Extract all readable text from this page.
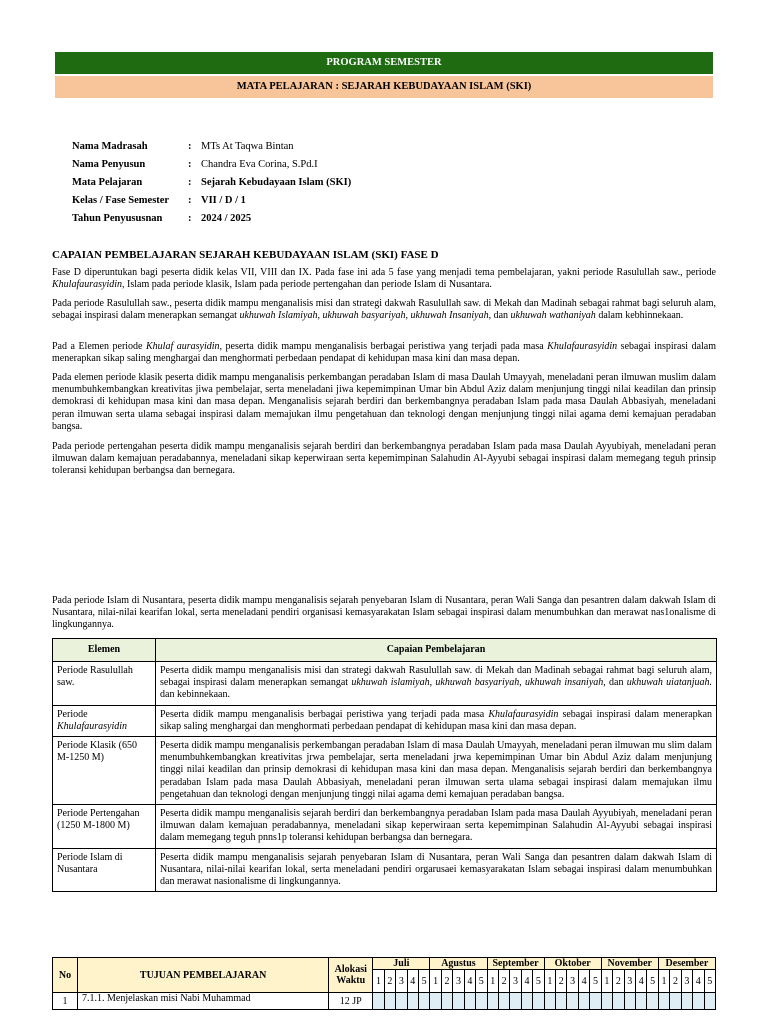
PROGRAM SEMESTER
MATA PELAJARAN : SEJARAH KEBUDAYAAN ISLAM (SKI)
Nama Madrasah	:	MTs At Taqwa Bintan
Nama Penyusun	:	Chandra Eva Corina, S.Pd.I
Mata Pelajaran	:	Sejarah Kebudayaan Islam (SKI)
Kelas / Fase Semester	:	VII / D / 1
Tahun Penyususnan	:	2024 / 2025
CAPAIAN PEMBELAJARAN SEJARAH KEBUDAYAAN ISLAM (SKI) FASE D

Fase D diperuntukan bagi peserta didik kelas VII, VIII dan IX. Pada fase ini ada 5 fase yang menjadi tema pembelajaran, yakni periode Rasulullah saw., periode Khulafaurasyidin, Islam pada periode klasik, Islam pada periode pertengahan dan periode Islam di Nusantara.

Pada periode Rasulullah saw., peserta didik mampu menganalisis misi dan strategi dakwah Rasulullah saw. di Mekah dan Madinah sebagai rahmat bagi seluruh alam, sebagai inspirasi dalam menerapkan semangat ukhuwah Islamiyah, ukhuwah basyariyah, ukhuwah Insaniyah, dan ukhuwah wathaniyah dalam kebhinnekaan.

Pad a Elemen periode Khulaf aurasyidin, peserta didik mampu menganalisis berbagai peristiwa yang terjadi pada masa Khulafaurasyidin sebagai inspirasi dalam menerapkan sikap saling menghargai dan menghormati perbedaan pendapat di kehidupan masa kini dan masa depan.

Pada elemen periode klasik peserta didik mampu menganalisis perkembangan peradaban Islam di masa Daulah Umayyah, meneladani peran ilmuwan muslim dalam menumbuhkembangkan kreativitas jiwa pembelajar, serta meneladani jiwa kepemimpinan Umar bin Abdul Aziz dalam menjunjung tinggi nilai keadilan dan prinsip demokrasi di kehidupan masa kini dan masa depan. Menganalisis sejarah berdiri dan berkembangnya peradaban Islam pada masa Daulah Abbasiyah, meneladani peran ilmuwan serta ulama sebagai inspirasi dalam memajukan ilmu pengetahuan dan teknologi dengan menjunjung tinggi nilai agama demi kemajuan peradaban bangsa.

Pada periode pertengahan peserta didik mampu menganalisis sejarah berdiri dan berkembangnya peradaban Islam pada masa Daulah Ayyubiyah, meneladani peran ilmuwan dalam kemajuan peradabannya, meneladani sikap keperwiraan serta kepemimpinan Salahudin Al-Ayyubi sebagai inspirasi dalam memegang teguh prinsip toleransi kehidupan berbangsa dan bernegara.

Pada periode Islam di Nusantara, peserta didik mampu menganalisis sejarah penyebaran Islam di Nusantara, peran Wali Sanga dan pesantren dalam dakwah Islam di Nusantara, nilai-nilai kearifan lokal, serta meneladani pendiri organisasi kemasyarakatan Islam sebagai inspirasi dalam menumbuhkan dan merawat nas1onalisme di lingkungannya.

Elemen	Capaian Pembelajaran
Periode Rasulullah saw.	Peserta didik mampu menganalisis misi dan strategi dakwah Rasulullah saw. di Mekah dan Madinah sebagai rahmat bagi seluruh alam, sebagai inspirasi dalam menerapkan semangat ukhuwah islamiyah, ukhuwah basyariyah, ukhuwah insaniyah, dan ukhuwah uiatanjuah. dan kebinnekaan.
Periode
Khulafaurasyidin	Peserta didik mampu menganalisis berbagai peristiwa yang terjadi pada masa Khulafaurasyidin sebagai inspirasi dalam menerapkan sikap saling menghargai dan menghormati perbedaan pendapat di kehidupan masa kini dan masa depan.
Periode Klasik (650 M-1250 M)	Peserta didik mampu menganalisis perkembangan peradaban Islam di masa Daulah Umayyah, meneladani peran ilmuwan mu slim dalam menumbuhkembangkan kreativitas jrwa pembelajar, serta meneladani jrwa kepemimpinan Umar bin Abdul Aziz dalam menjunjung tinggi nilai keadilan dan prinsip demokrasi di kehidupan masa kini dan masa depan. Menganalisis sejarah berdiri dan berkembangnya peradaban Islam pada masa Daulah Abbasiyah, meneladani peran ilmuwan serta ulama sebagai inspirasi dalam memajukan ilmu pengetahuan dan teknologi dengan menjunjung tinggi nilai agama demi kemajuan peradaban bangsa.
Periode Pertengahan (1250 M-1800 M)	Peserta didik mampu menganalisis sejarah berdiri dan berkembangnya peradaban Islam pada masa Daulah Ayyubiyah, meneladani peran ilmuwan dalam kemajuan peradabannya, meneladani sikap keperwiraan serta kepemimpinan Salahudin Al-Ayyubi sebagai inspirasi dalam memegang teguh pnns1p toleransi kehidupan berbangsa dan bernegara.
Periode Islam di Nusantara	Peserta didik mampu menganalisis sejarah penyebaran Islam di Nusantara, peran Wali Sanga dan pesantren dalam dakwah Islam di Nusantara, nilai-nilai kearifan lokal, serta meneladani pendiri orgarusaei kemasyarakatan Islam sebagai inspirasi dalam menumbuhkan dan merawat nasionalisme di lingkungannya.
No	TUJUAN PEMBELAJARAN	Alokasi Waktu	Juli					Agustus					September					Oktober					November					Desember				
			1	2	3	4	5	1	2	3	4	5	1	2	3	4	5	1	2	3	4	5	1	2	3	4	5	1	2	3	4	5
1	7.1.1. Menjelaskan misi Nabi Muhammad	12 JP																														
